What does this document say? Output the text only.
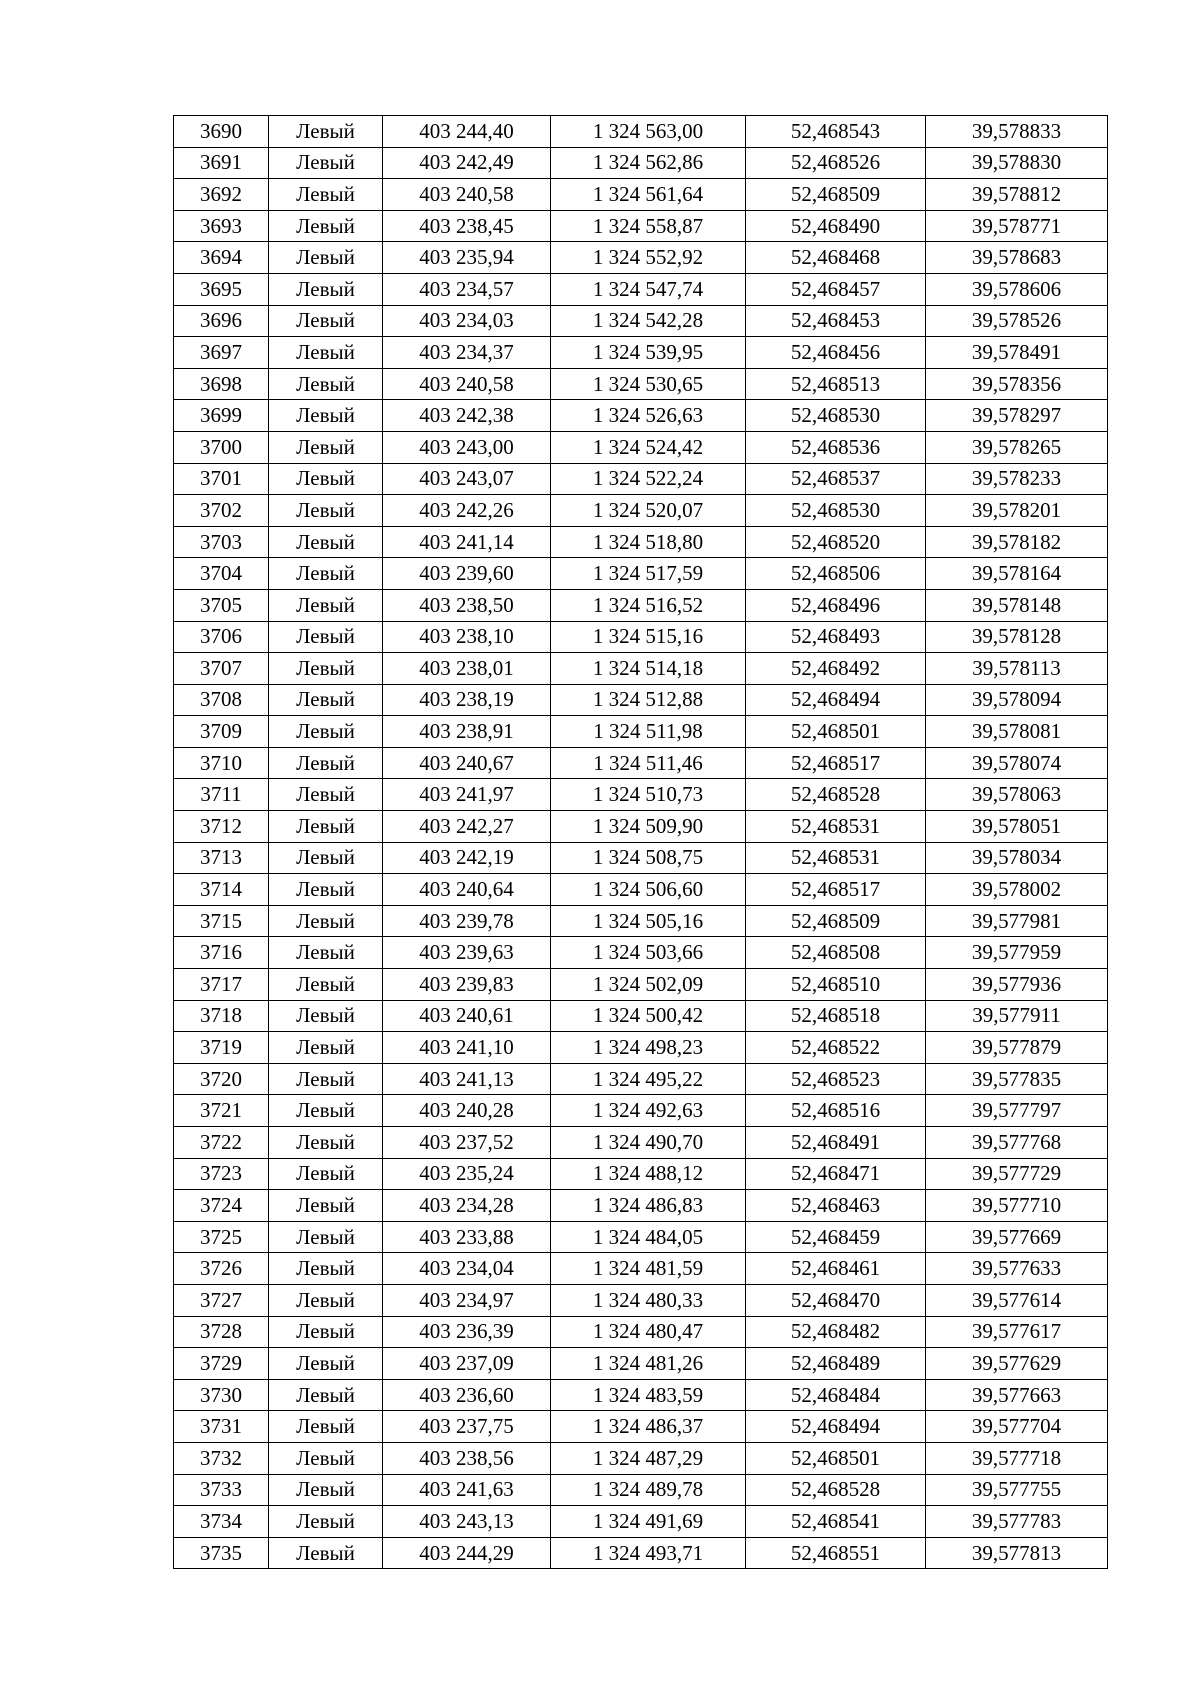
3690	Левый	403 244,40	1 324 563,00	52,468543	39,578833
3691	Левый	403 242,49	1 324 562,86	52,468526	39,578830
3692	Левый	403 240,58	1 324 561,64	52,468509	39,578812
3693	Левый	403 238,45	1 324 558,87	52,468490	39,578771
3694	Левый	403 235,94	1 324 552,92	52,468468	39,578683
3695	Левый	403 234,57	1 324 547,74	52,468457	39,578606
3696	Левый	403 234,03	1 324 542,28	52,468453	39,578526
3697	Левый	403 234,37	1 324 539,95	52,468456	39,578491
3698	Левый	403 240,58	1 324 530,65	52,468513	39,578356
3699	Левый	403 242,38	1 324 526,63	52,468530	39,578297
3700	Левый	403 243,00	1 324 524,42	52,468536	39,578265
3701	Левый	403 243,07	1 324 522,24	52,468537	39,578233
3702	Левый	403 242,26	1 324 520,07	52,468530	39,578201
3703	Левый	403 241,14	1 324 518,80	52,468520	39,578182
3704	Левый	403 239,60	1 324 517,59	52,468506	39,578164
3705	Левый	403 238,50	1 324 516,52	52,468496	39,578148
3706	Левый	403 238,10	1 324 515,16	52,468493	39,578128
3707	Левый	403 238,01	1 324 514,18	52,468492	39,578113
3708	Левый	403 238,19	1 324 512,88	52,468494	39,578094
3709	Левый	403 238,91	1 324 511,98	52,468501	39,578081
3710	Левый	403 240,67	1 324 511,46	52,468517	39,578074
3711	Левый	403 241,97	1 324 510,73	52,468528	39,578063
3712	Левый	403 242,27	1 324 509,90	52,468531	39,578051
3713	Левый	403 242,19	1 324 508,75	52,468531	39,578034
3714	Левый	403 240,64	1 324 506,60	52,468517	39,578002
3715	Левый	403 239,78	1 324 505,16	52,468509	39,577981
3716	Левый	403 239,63	1 324 503,66	52,468508	39,577959
3717	Левый	403 239,83	1 324 502,09	52,468510	39,577936
3718	Левый	403 240,61	1 324 500,42	52,468518	39,577911
3719	Левый	403 241,10	1 324 498,23	52,468522	39,577879
3720	Левый	403 241,13	1 324 495,22	52,468523	39,577835
3721	Левый	403 240,28	1 324 492,63	52,468516	39,577797
3722	Левый	403 237,52	1 324 490,70	52,468491	39,577768
3723	Левый	403 235,24	1 324 488,12	52,468471	39,577729
3724	Левый	403 234,28	1 324 486,83	52,468463	39,577710
3725	Левый	403 233,88	1 324 484,05	52,468459	39,577669
3726	Левый	403 234,04	1 324 481,59	52,468461	39,577633
3727	Левый	403 234,97	1 324 480,33	52,468470	39,577614
3728	Левый	403 236,39	1 324 480,47	52,468482	39,577617
3729	Левый	403 237,09	1 324 481,26	52,468489	39,577629
3730	Левый	403 236,60	1 324 483,59	52,468484	39,577663
3731	Левый	403 237,75	1 324 486,37	52,468494	39,577704
3732	Левый	403 238,56	1 324 487,29	52,468501	39,577718
3733	Левый	403 241,63	1 324 489,78	52,468528	39,577755
3734	Левый	403 243,13	1 324 491,69	52,468541	39,577783
3735	Левый	403 244,29	1 324 493,71	52,468551	39,577813
